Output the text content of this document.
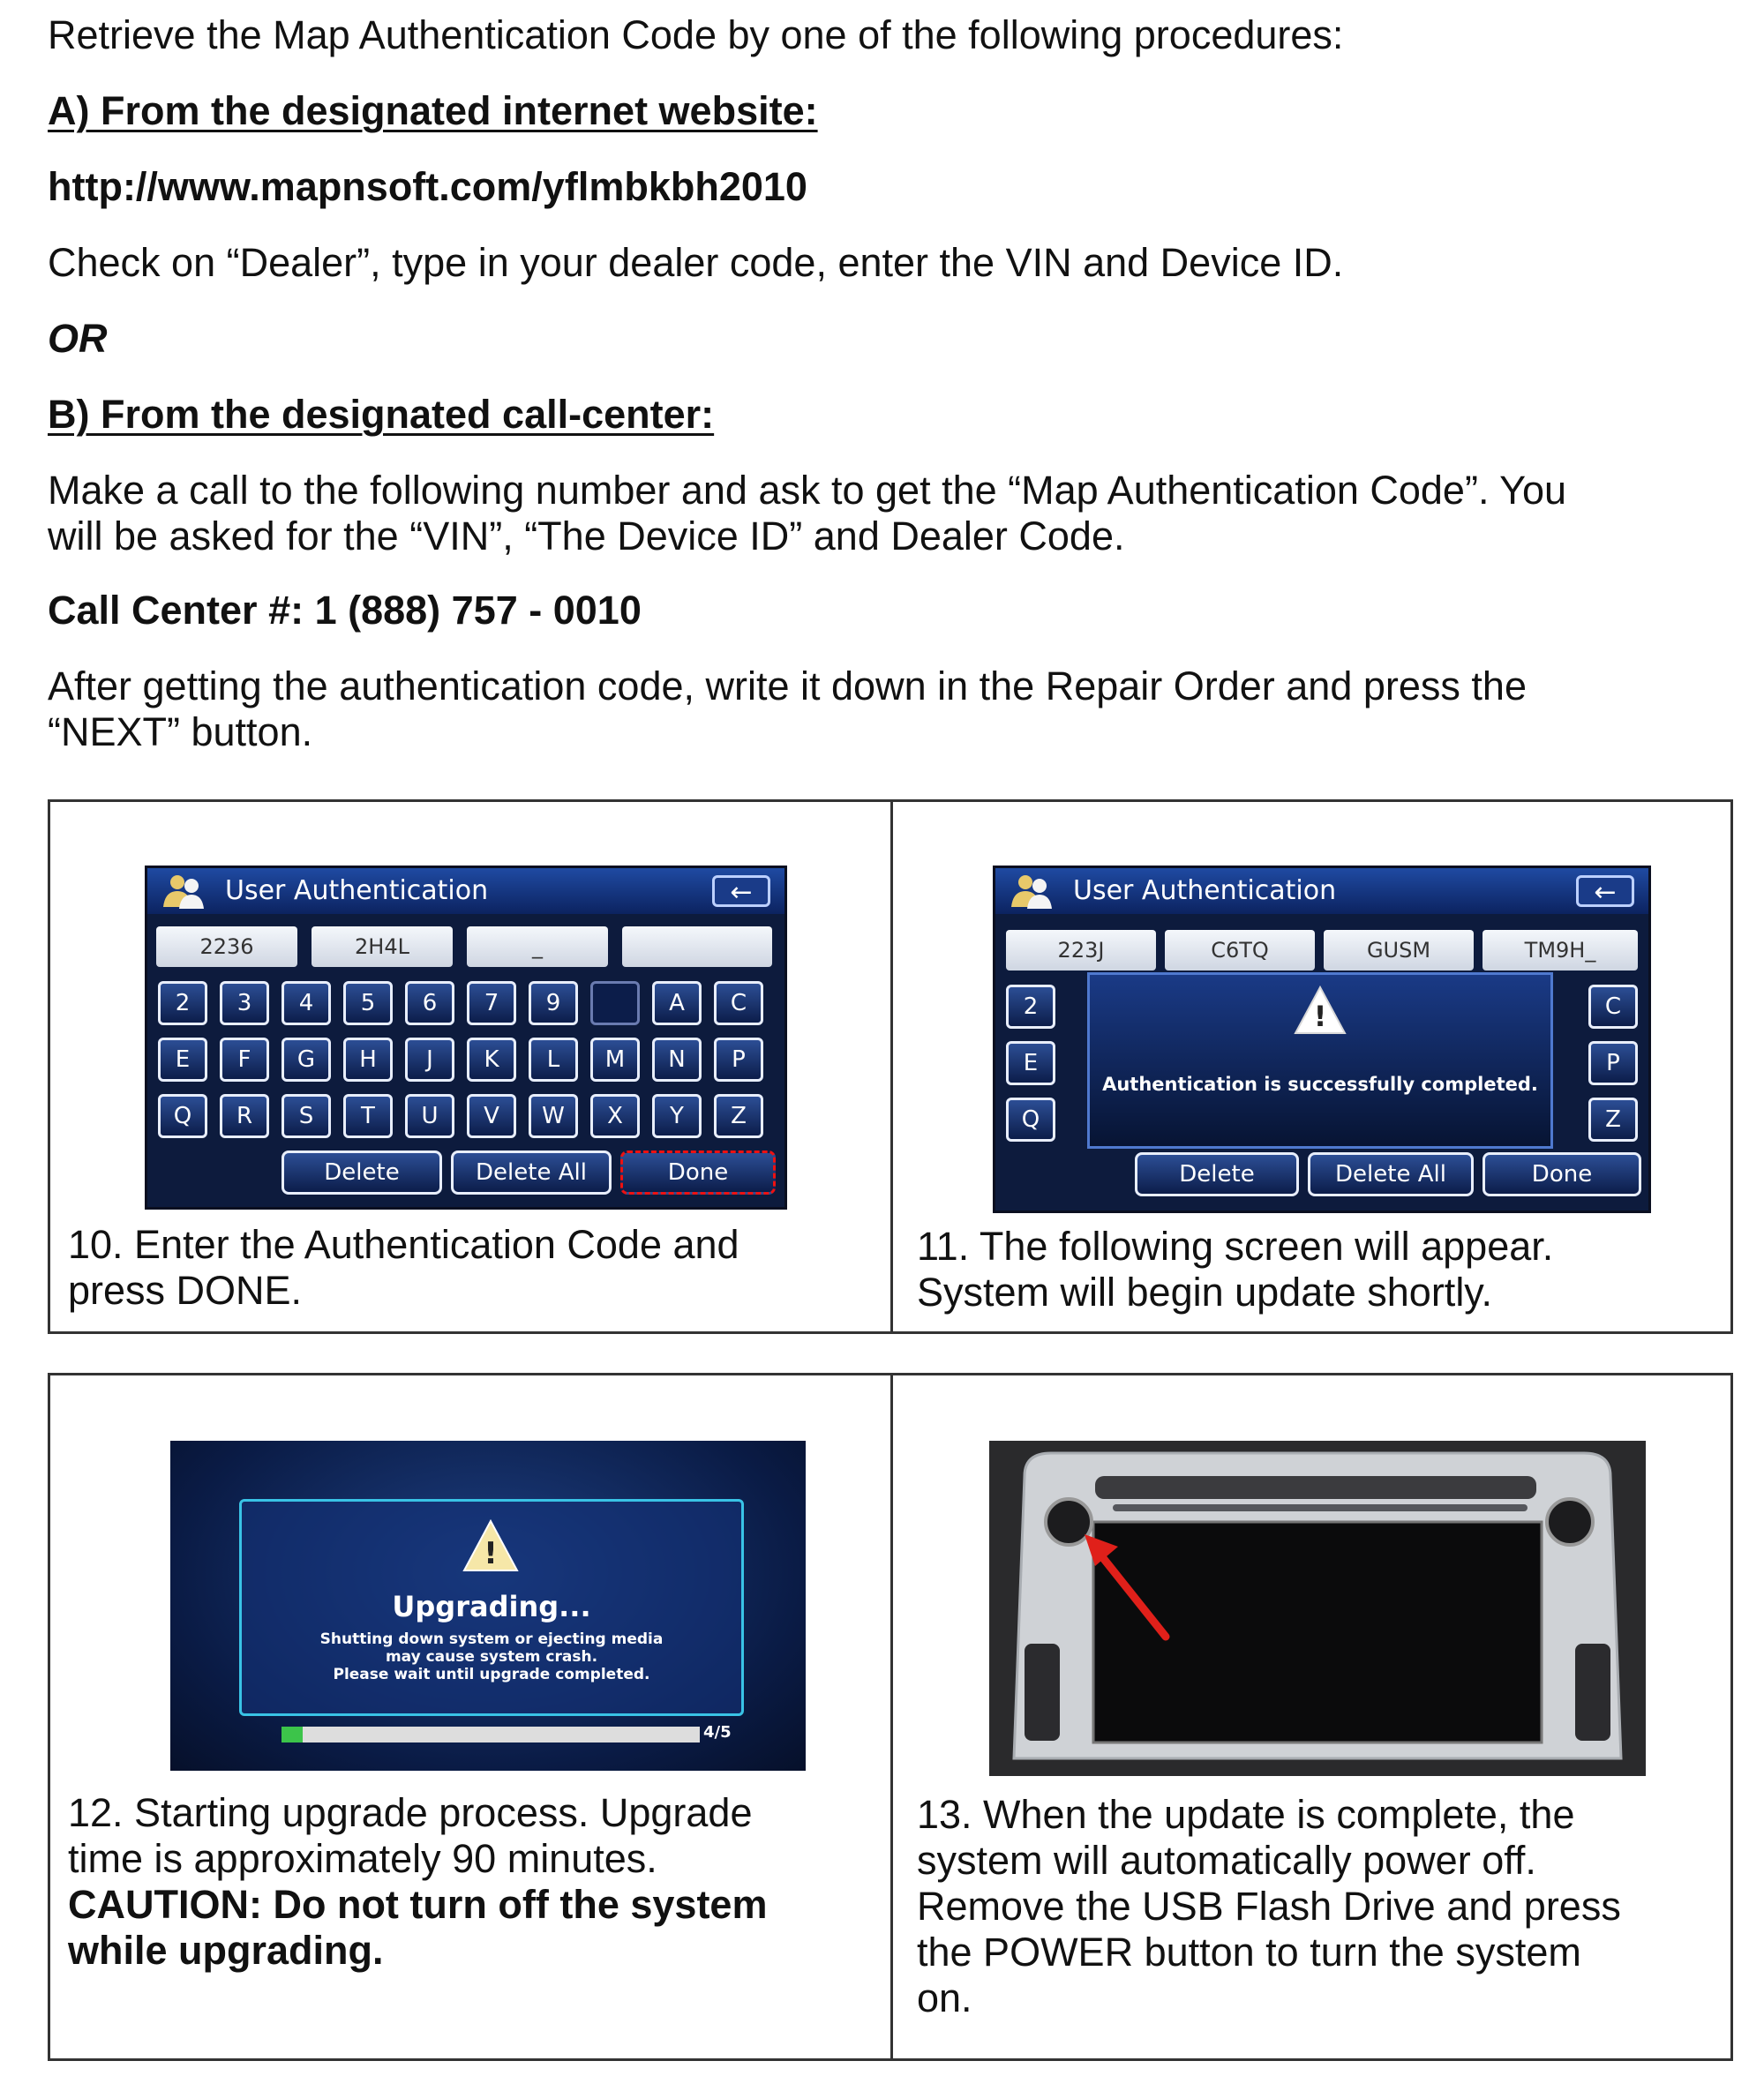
Retrieve the Map Authentication Code by one of the following procedures:

A) From the designated internet website:

http://www.mapnsoft.com/yflmbkbh2010

Check on “Dealer”, type in your dealer code, enter the VIN and Device ID.

OR

B) From the designated call-center:

Make a call to the following number and ask to get the “Map Authentication Code”. You

will be asked for the “VIN”, “The Device ID” and Dealer Code.

Call Center #: 1 (888) 757 - 0010

After getting the authentication code, write it down in the Repair Order and press the

“NEXT” button.

User Authentication	←
2236	2H4L	_
2	3	4	5	6	7	9	A	C
E	F	G	H	J	K	L	M	N	P
Q	R	S	T	U	V	W	X	Y	Z
Delete	Delete All	Done
User Authentication	←
223J	C6TQ	GUSM	TM9H_
2
E
Q
C
P
Z
!
Authentication is successfully completed.
Delete	Delete All	Done

10. Enter the Authentication Code and

press DONE.

11. The following screen will appear.

System will begin update shortly.

!
Upgrading...
Shutting down system or ejecting media
may cause system crash.
Please wait until upgrade completed.
4/5

12. Starting upgrade process. Upgrade

time is approximately 90 minutes.

CAUTION: Do not turn off the system

while upgrading.

13. When the update is complete, the

system will automatically power off.

Remove the USB Flash Drive and press

the POWER button to turn the system

on.
